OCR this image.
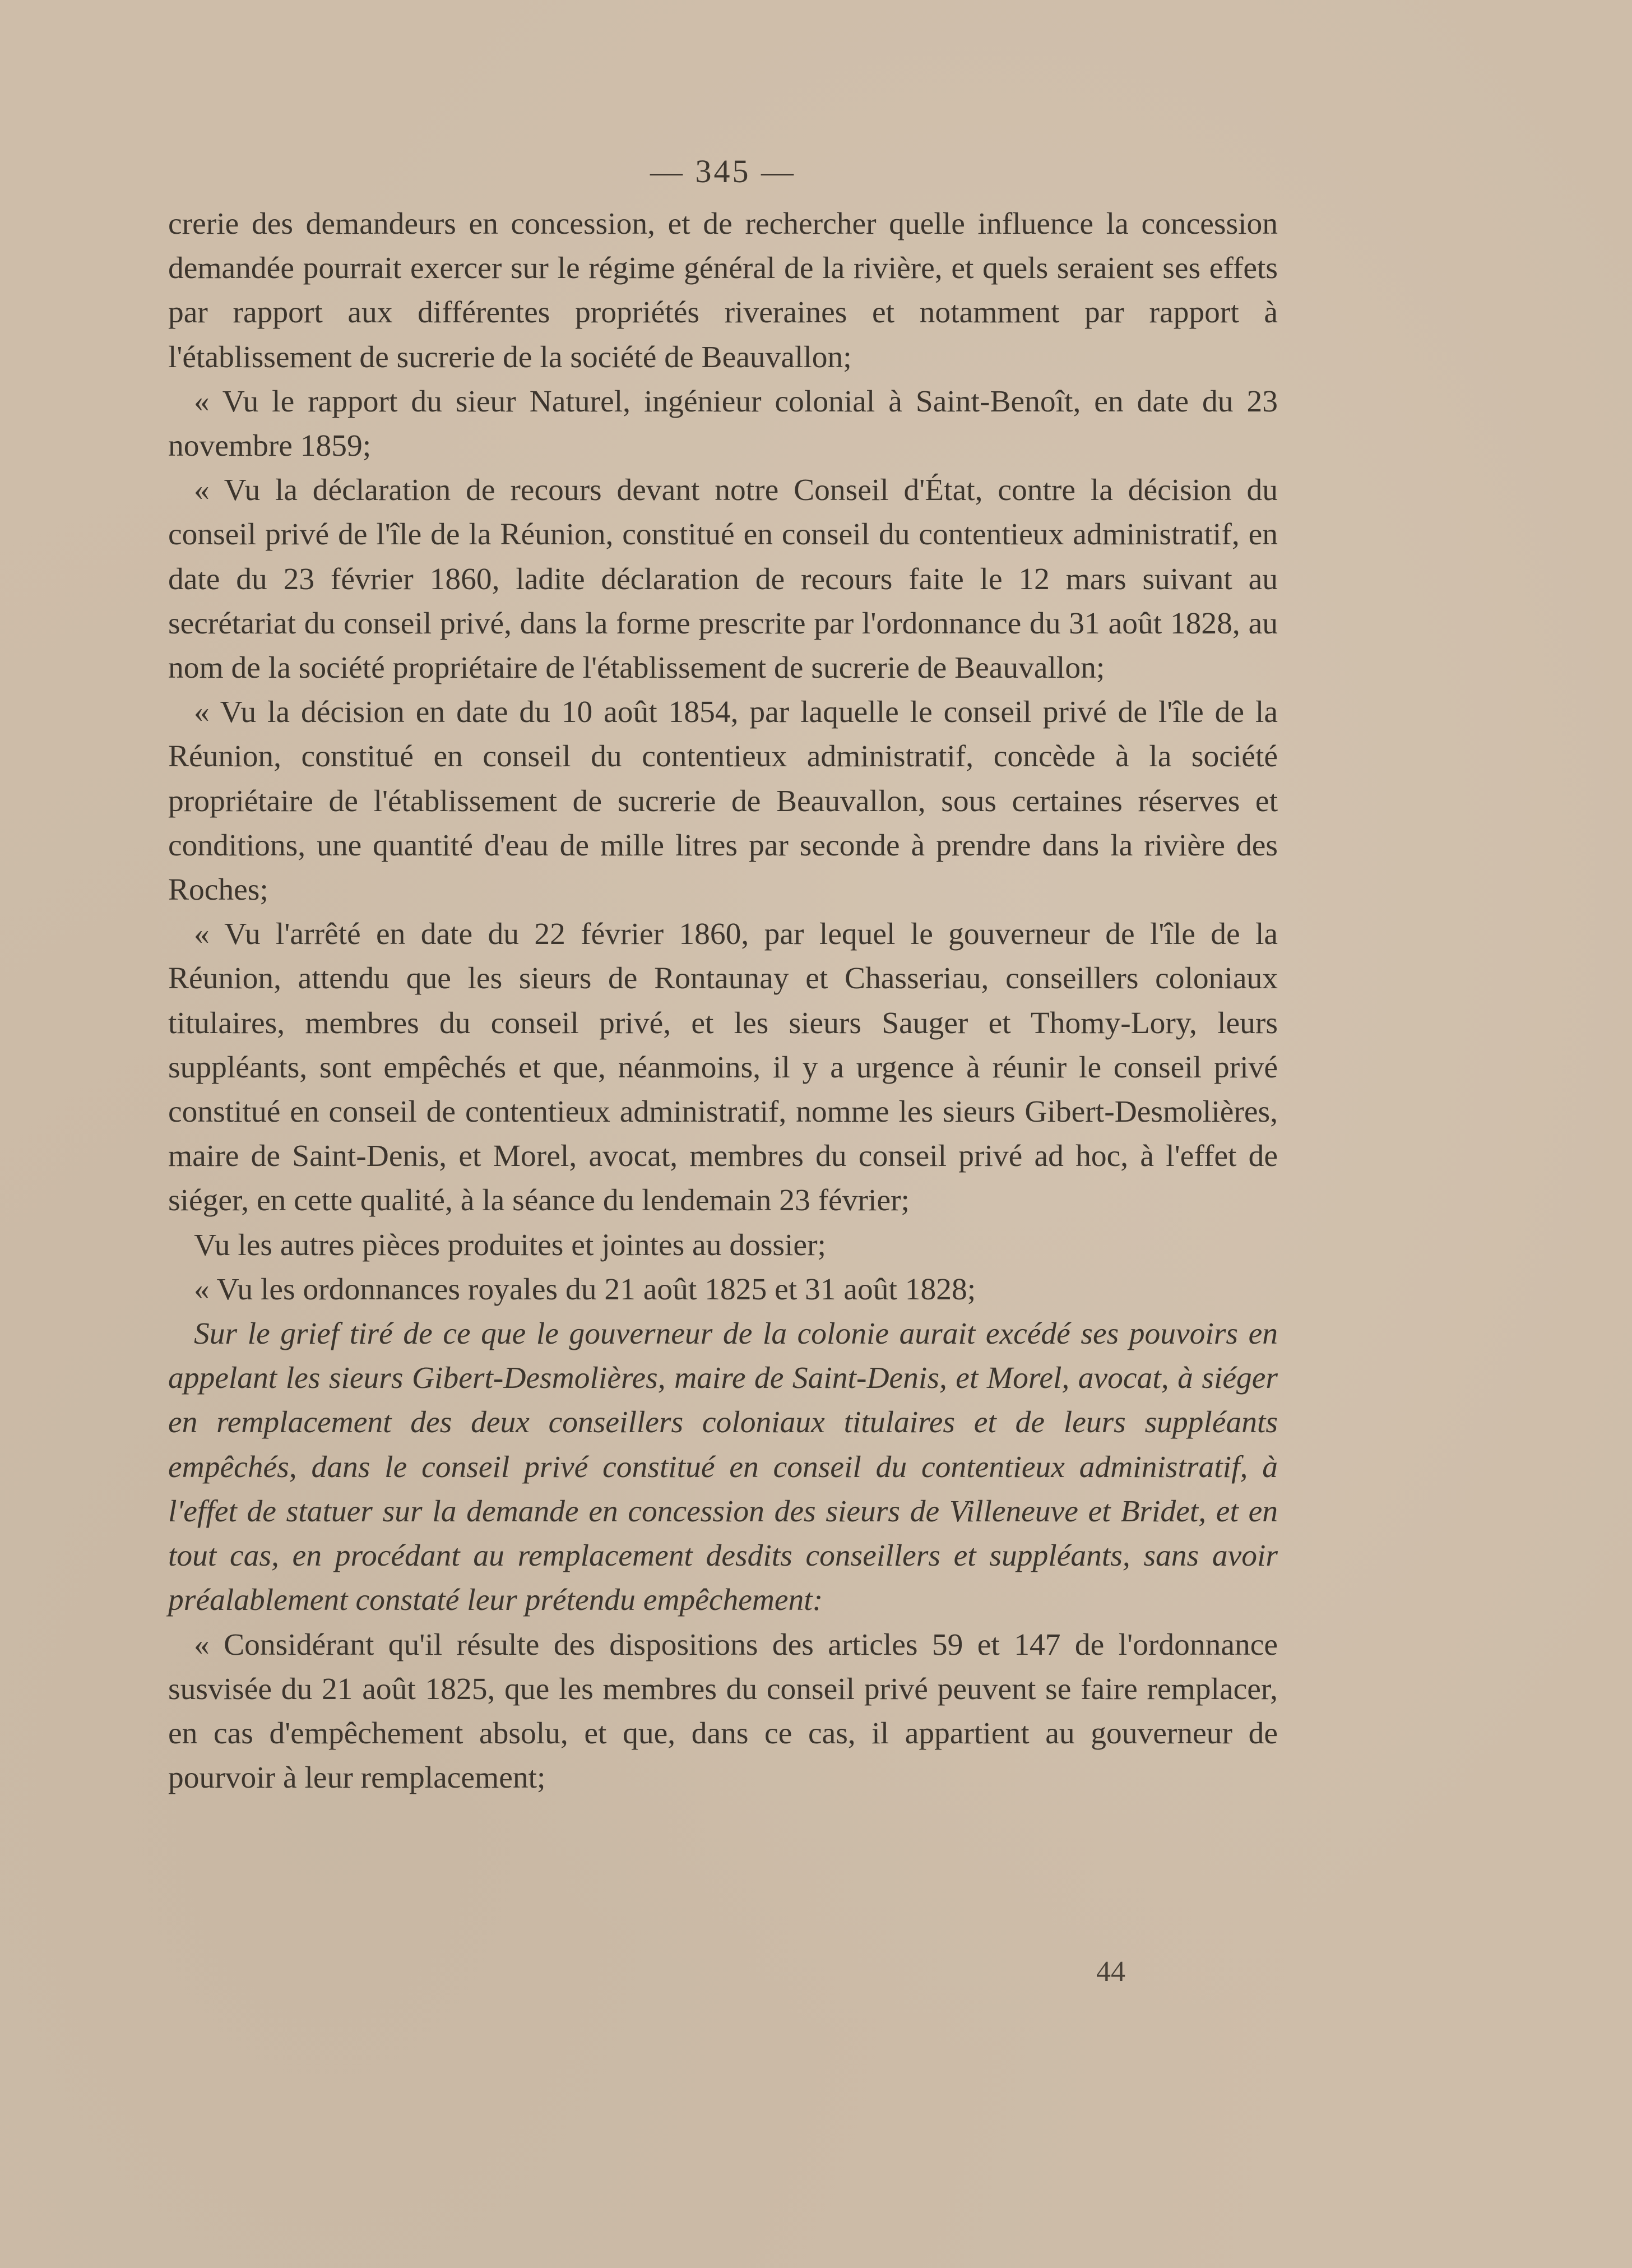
— 345 —

crerie des demandeurs en concession, et de rechercher quelle influence la concession demandée pourrait exercer sur le régime général de la rivière, et quels seraient ses effets par rapport aux différentes propriétés riveraines et notamment par rapport à l'établissement de sucrerie de la société de Beauvallon;

« Vu le rapport du sieur Naturel, ingénieur colonial à Saint-Benoît, en date du 23 novembre 1859;

« Vu la déclaration de recours devant notre Conseil d'État, contre la décision du conseil privé de l'île de la Réunion, constitué en conseil du contentieux administratif, en date du 23 février 1860, ladite déclaration de recours faite le 12 mars suivant au secrétariat du conseil privé, dans la forme prescrite par l'ordonnance du 31 août 1828, au nom de la société propriétaire de l'établissement de sucrerie de Beauvallon;

« Vu la décision en date du 10 août 1854, par laquelle le conseil privé de l'île de la Réunion, constitué en conseil du contentieux administratif, concède à la société propriétaire de l'établissement de sucrerie de Beauvallon, sous certaines réserves et conditions, une quantité d'eau de mille litres par seconde à prendre dans la rivière des Roches;

« Vu l'arrêté en date du 22 février 1860, par lequel le gouverneur de l'île de la Réunion, attendu que les sieurs de Rontaunay et Chasseriau, conseillers coloniaux titulaires, membres du conseil privé, et les sieurs Sauger et Thomy-Lory, leurs suppléants, sont empêchés et que, néanmoins, il y a urgence à réunir le conseil privé constitué en conseil de contentieux administratif, nomme les sieurs Gibert-Desmolières, maire de Saint-Denis, et Morel, avocat, membres du conseil privé ad hoc, à l'effet de siéger, en cette qualité, à la séance du lendemain 23 février;

Vu les autres pièces produites et jointes au dossier;

« Vu les ordonnances royales du 21 août 1825 et 31 août 1828;

Sur le grief tiré de ce que le gouverneur de la colonie aurait excédé ses pouvoirs en appelant les sieurs Gibert-Desmolières, maire de Saint-Denis, et Morel, avocat, à siéger en remplacement des deux conseillers coloniaux titulaires et de leurs suppléants empêchés, dans le conseil privé constitué en conseil du contentieux administratif, à l'effet de statuer sur la demande en concession des sieurs de Villeneuve et Bridet, et en tout cas, en procédant au remplacement desdits conseillers et suppléants, sans avoir préalablement constaté leur prétendu empêchement:

« Considérant qu'il résulte des dispositions des articles 59 et 147 de l'ordonnance susvisée du 21 août 1825, que les membres du conseil privé peuvent se faire remplacer, en cas d'empêchement absolu, et que, dans ce cas, il appartient au gouverneur de pourvoir à leur remplacement;

44
